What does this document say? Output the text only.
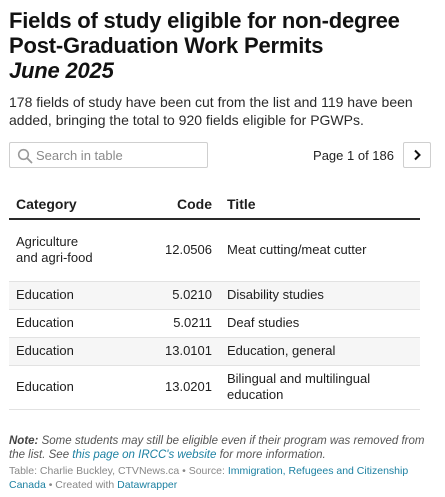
Fields of study eligible for non-degree
Post-Graduation Work Permits
June 2025

178 fields of study have been cut from the list and 119 have been added, bringing the total to 920 fields eligible for PGWPs.

Search in table	Page 1 of 186
Category	Code	Title

Agriculture and agri-food	12.0506	Meat cutting/meat cutter
Education	5.0210	Disability studies
Education	5.0211	Deaf studies
Education	13.0101	Education, general
Education	13.0201	Bilingual and multilingual education

Note: Some students may still be eligible even if their program was removed from the list. See this page on IRCC's website for more information.

Table: Charlie Buckley, CTVNews.ca • Source: Immigration, Refugees and Citizenship Canada • Created with Datawrapper
